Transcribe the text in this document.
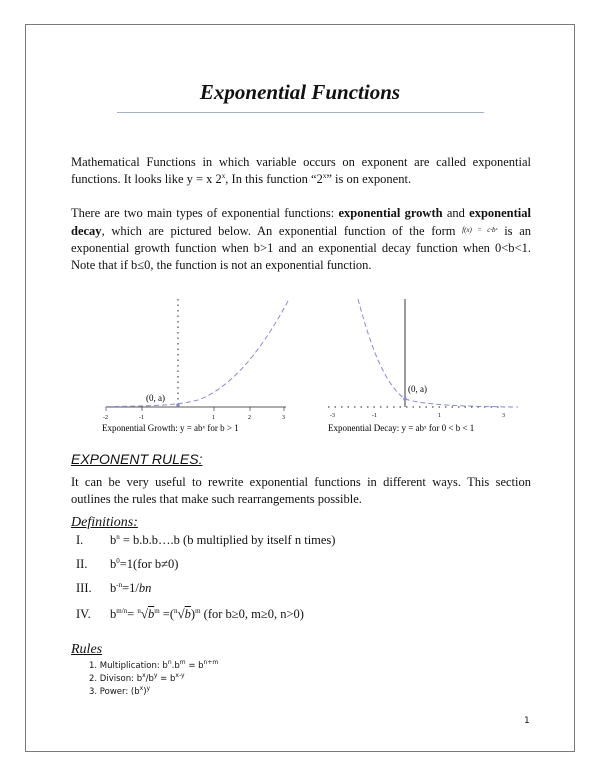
Exponential Functions
Mathematical Functions in which variable occurs on exponent are called exponential functions. It looks like y = x 2$^x$, In this function “2$^x$” is on exponent.
There are two main types of exponential functions: exponential growth and exponential decay, which are pictured below. An exponential function of the form $^{f(x) = c\cdot bˣ}$ is an exponential growth function when b>1 and an exponential decay function when 0<b<1. Note that if b≤0, the function is not an exponential function.
(0, a)
-2	-1	1	2	3
Exponential Growth: y = abˣ for b > 1
(0, a)
-3	-1	1	3
Exponential Decay: y = abˣ for 0 < b < 1
EXPONENT RULES:
It can be very useful to rewrite exponential functions in different ways. This section outlines the rules that make such rearrangements possible.
Definitions:
I. $b^n$ = b.b.b….b (b multiplied by itself n times)
II. $b^0=1(for$ b≠0)
III. $b^{-n}=1/bn$
IV. $b^{m/n}= ^n√b^m =(^n√b)^m$ (for b≥0, m≥0, n>0)
Rules
1. Multiplication: $b^n.b^m = b^{n+m}$
2. Divison: $b^x/b^y = b^{x-y}$
3. Power: $(b^x)^y$
1
